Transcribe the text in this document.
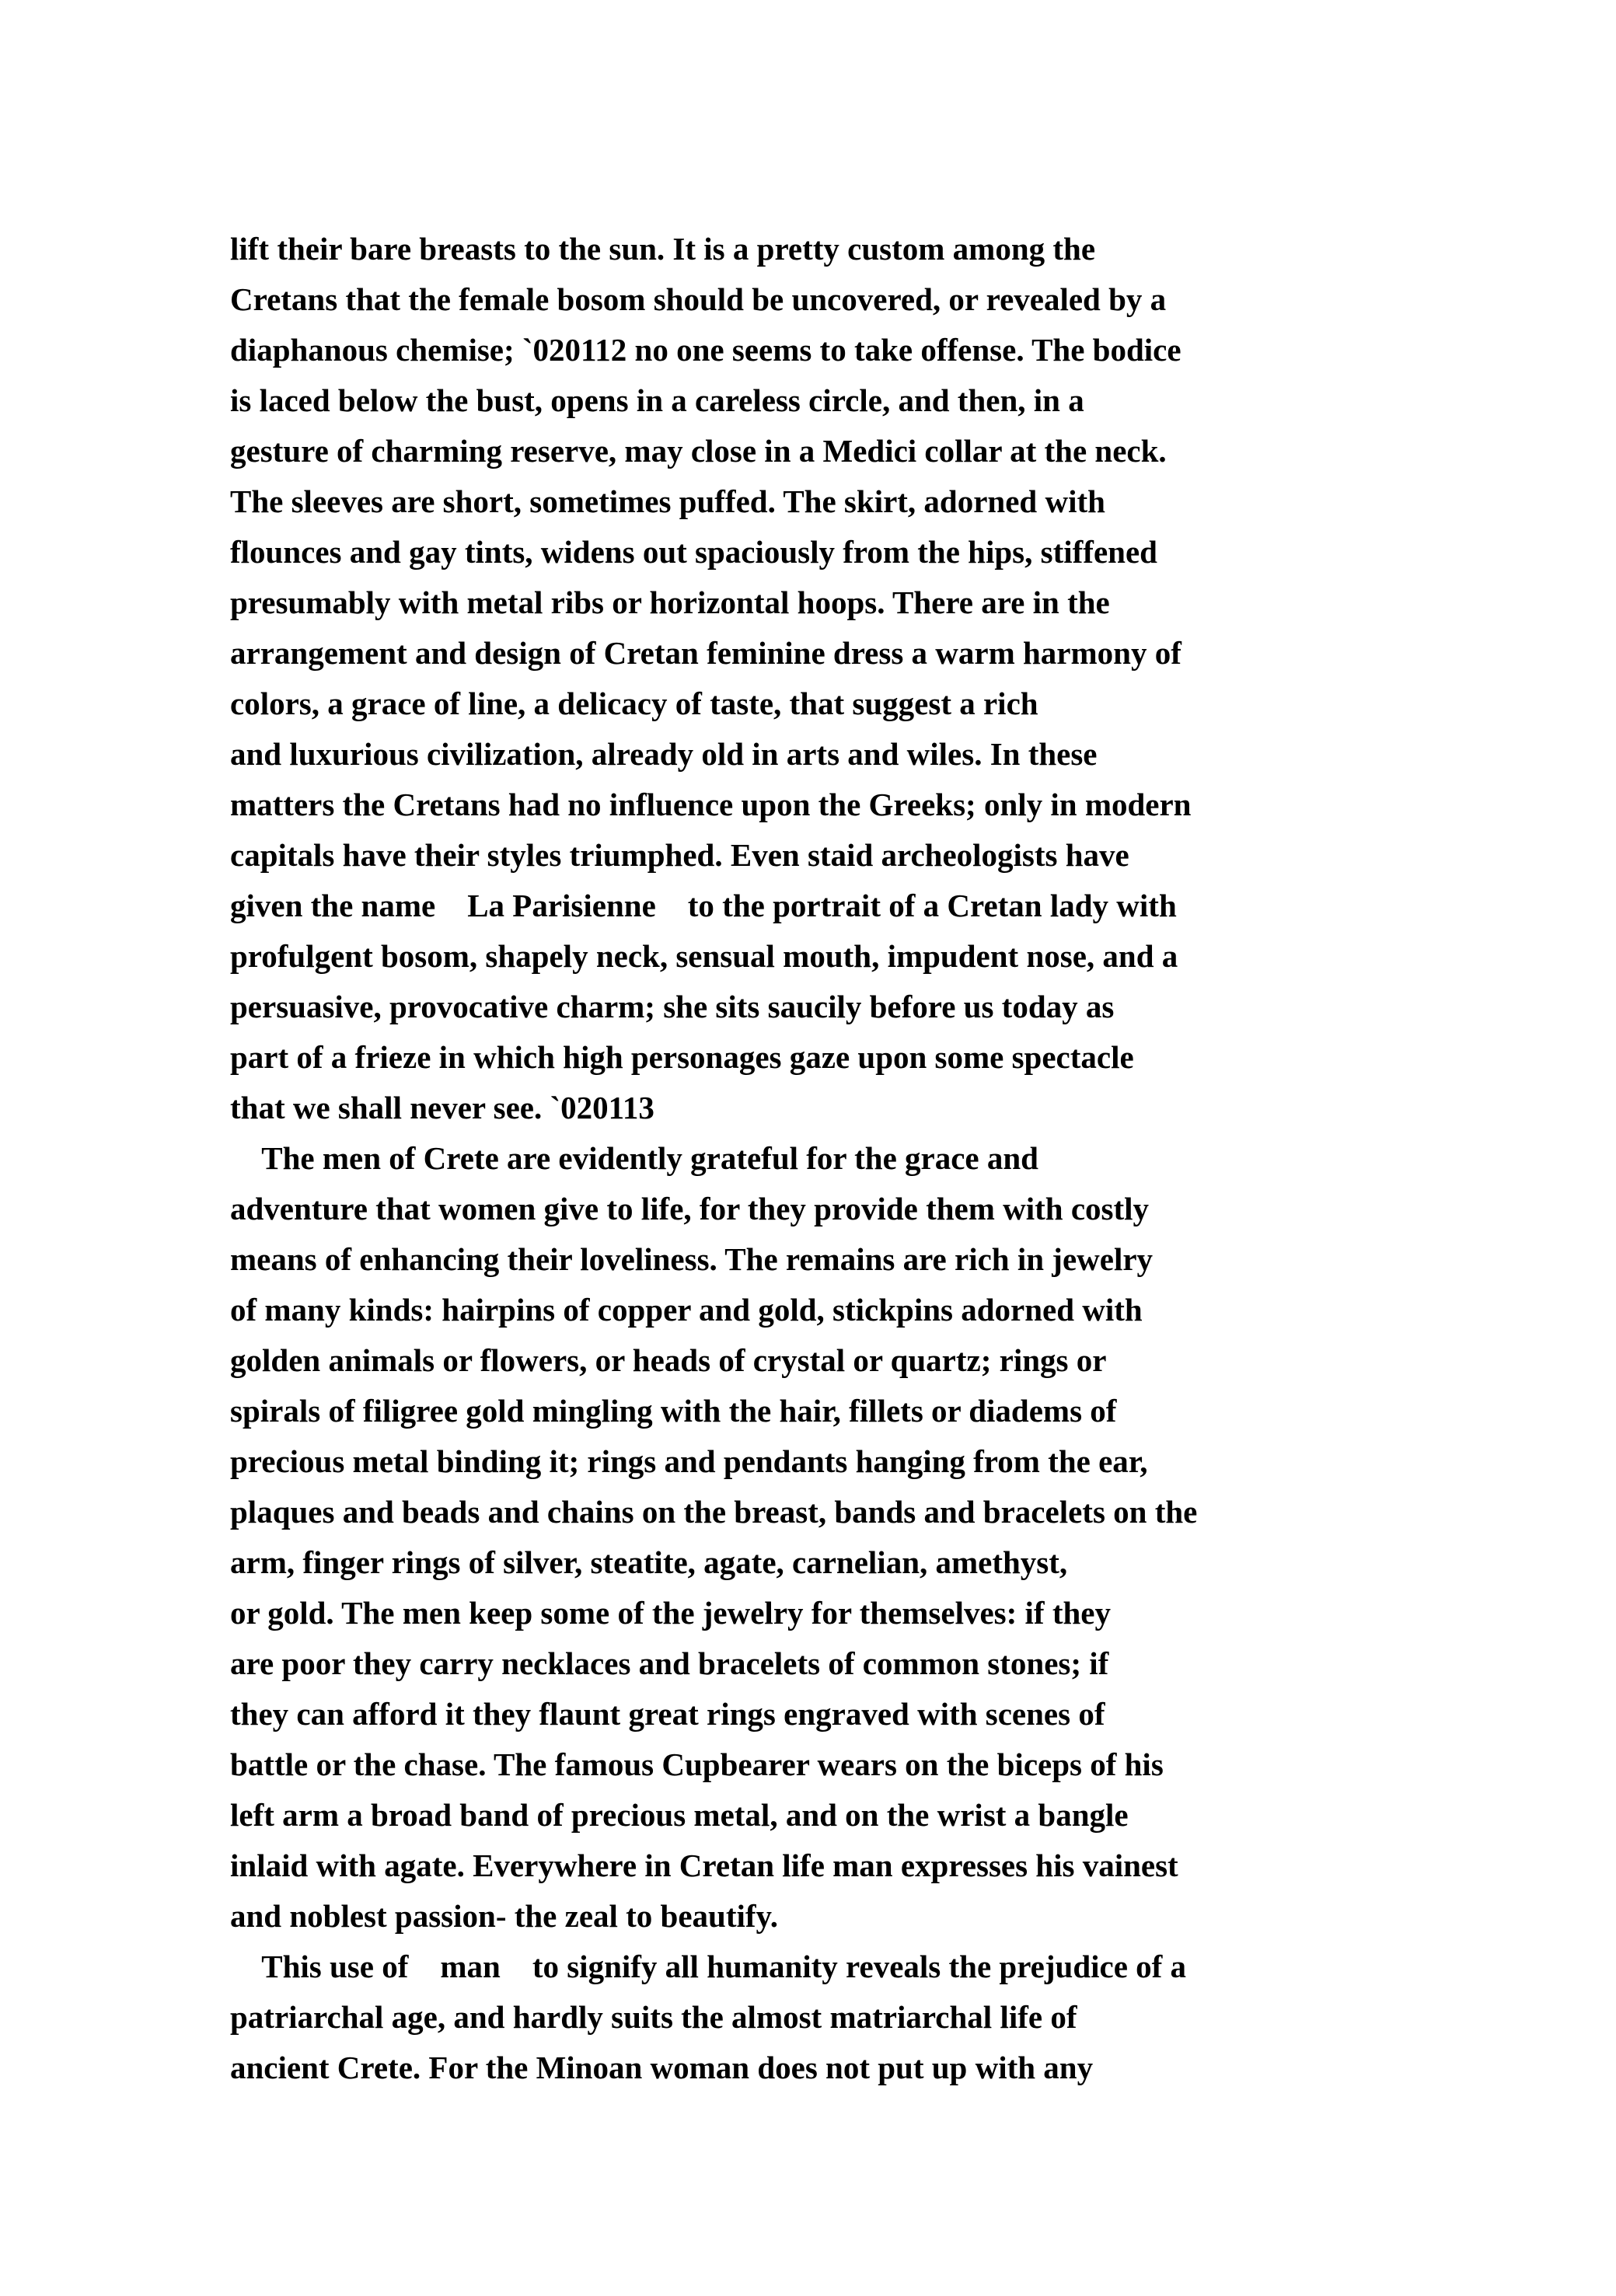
lift their bare breasts to the sun. It is a pretty custom among the
Cretans that the female bosom should be uncovered, or revealed by a
diaphanous chemise; `020112 no one seems to take offense. The bodice
is laced below the bust, opens in a careless circle, and then, in a
gesture of charming reserve, may close in a Medici collar at the neck.
The sleeves are short, sometimes puffed. The skirt, adorned with
flounces and gay tints, widens out spaciously from the hips, stiffened
presumably with metal ribs or horizontal hoops. There are in the
arrangement and design of Cretan feminine dress a warm harmony of
colors, a grace of line, a delicacy of taste, that suggest a rich
and luxurious civilization, already old in arts and wiles. In these
matters the Cretans had no influence upon the Greeks; only in modern
capitals have their styles triumphed. Even staid archeologists have
given the name    La Parisienne    to the portrait of a Cretan lady with
profulgent bosom, shapely neck, sensual mouth, impudent nose, and a
persuasive, provocative charm; she sits saucily before us today as
part of a frieze in which high personages gaze upon some spectacle
that we shall never see. `020113
The men of Crete are evidently grateful for the grace and
adventure that women give to life, for they provide them with costly
means of enhancing their loveliness. The remains are rich in jewelry
of many kinds: hairpins of copper and gold, stickpins adorned with
golden animals or flowers, or heads of crystal or quartz; rings or
spirals of filigree gold mingling with the hair, fillets or diadems of
precious metal binding it; rings and pendants hanging from the ear,
plaques and beads and chains on the breast, bands and bracelets on the
arm, finger rings of silver, steatite, agate, carnelian, amethyst,
or gold. The men keep some of the jewelry for themselves: if they
are poor they carry necklaces and bracelets of common stones; if
they can afford it they flaunt great rings engraved with scenes of
battle or the chase. The famous Cupbearer wears on the biceps of his
left arm a broad band of precious metal, and on the wrist a bangle
inlaid with agate. Everywhere in Cretan life man expresses his vainest
and noblest passion- the zeal to beautify.
This use of    man    to signify all humanity reveals the prejudice of a
patriarchal age, and hardly suits the almost matriarchal life of
ancient Crete. For the Minoan woman does not put up with any
